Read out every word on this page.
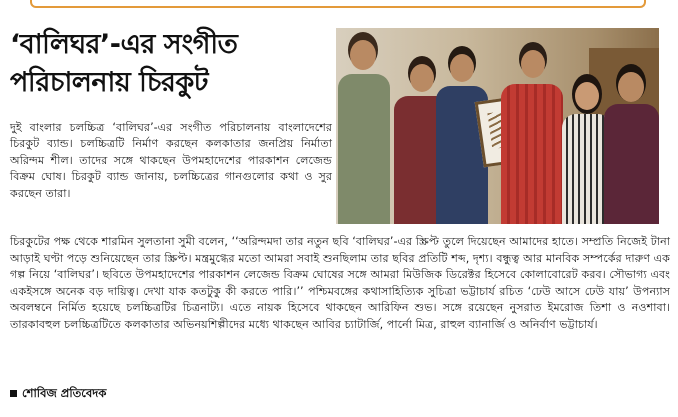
‘বালিঘর’-এর সংগীত পরিচালনায় চিরকুট

দুই বাংলার চলচ্চিত্র ‘বালিঘর’-এর সংগীত পরিচালনায় বাংলাদেশের চিরকুট ব্যান্ড। চলচ্চিত্রটি নির্মাণ করছেন কলকাতার জনপ্রিয় নির্মাতা অরিন্দম শীল। তাদের সঙ্গে থাকছেন উপমহাদেশের পারকাশন লেজেন্ড বিক্রম ঘোষ। চিরকুট ব্যান্ড জানায়, চলচ্চিত্রের গানগুলোর কথা ও সুর করছেন তারা।

চিরকুটের পক্ষ থেকে শারমিন সুলতানা সুমী বলেন, ‘‘অরিন্দমদা তার নতুন ছবি ‘বালিঘর’-এর স্ক্রিপ্ট তুলে দিয়েছেন আমাদের হাতে। সম্প্রতি নিজেই টানা আড়াই ঘণ্টা পড়ে শুনিয়েছেন তার স্ক্রিপ্ট। মন্ত্রমুগ্ধের মতো আমরা সবাই শুনছিলাম তার ছবির প্রতিটি শব্দ, দৃশ্য। বন্ধুত্ব আর মানবিক সম্পর্কের দারুণ এক গল্প নিয়ে ‘বালিঘর’। ছবিতে উপমহাদেশের পারকাশন লেজেন্ড বিক্রম ঘোষের সঙ্গে আমরা মিউজিক ডিরেক্টর হিসেবে কোলাবোরেট করব। সৌভাগ্য এবং একইসঙ্গে অনেক বড় দায়িত্ব। দেখা যাক কতটুকু কী করতে পারি।’’ পশ্চিমবঙ্গের কথাসাহিত্যিক সুচিত্রা ভট্টাচার্য রচিত ‘ঢেউ আসে ঢেউ যায়’ উপন্যাস অবলম্বনে নির্মিত হয়েছে চলচ্চিত্রটির চিত্রনাট্য। এতে নায়ক হিসেবে থাকছেন আরিফিন শুভ। সঙ্গে রয়েছেন নুসরাত ইমরোজ তিশা ও নওশাবা। তারকাবহুল চলচ্চিত্রটিতে কলকাতার অভিনয়শিল্পীদের মধ্যে থাকছেন আবির চ্যাটার্জি, পার্নো মিত্র, রাহুল ব্যানার্জি ও অনির্বাণ ভট্টাচার্য।

শোবিজ প্রতিবেদক
